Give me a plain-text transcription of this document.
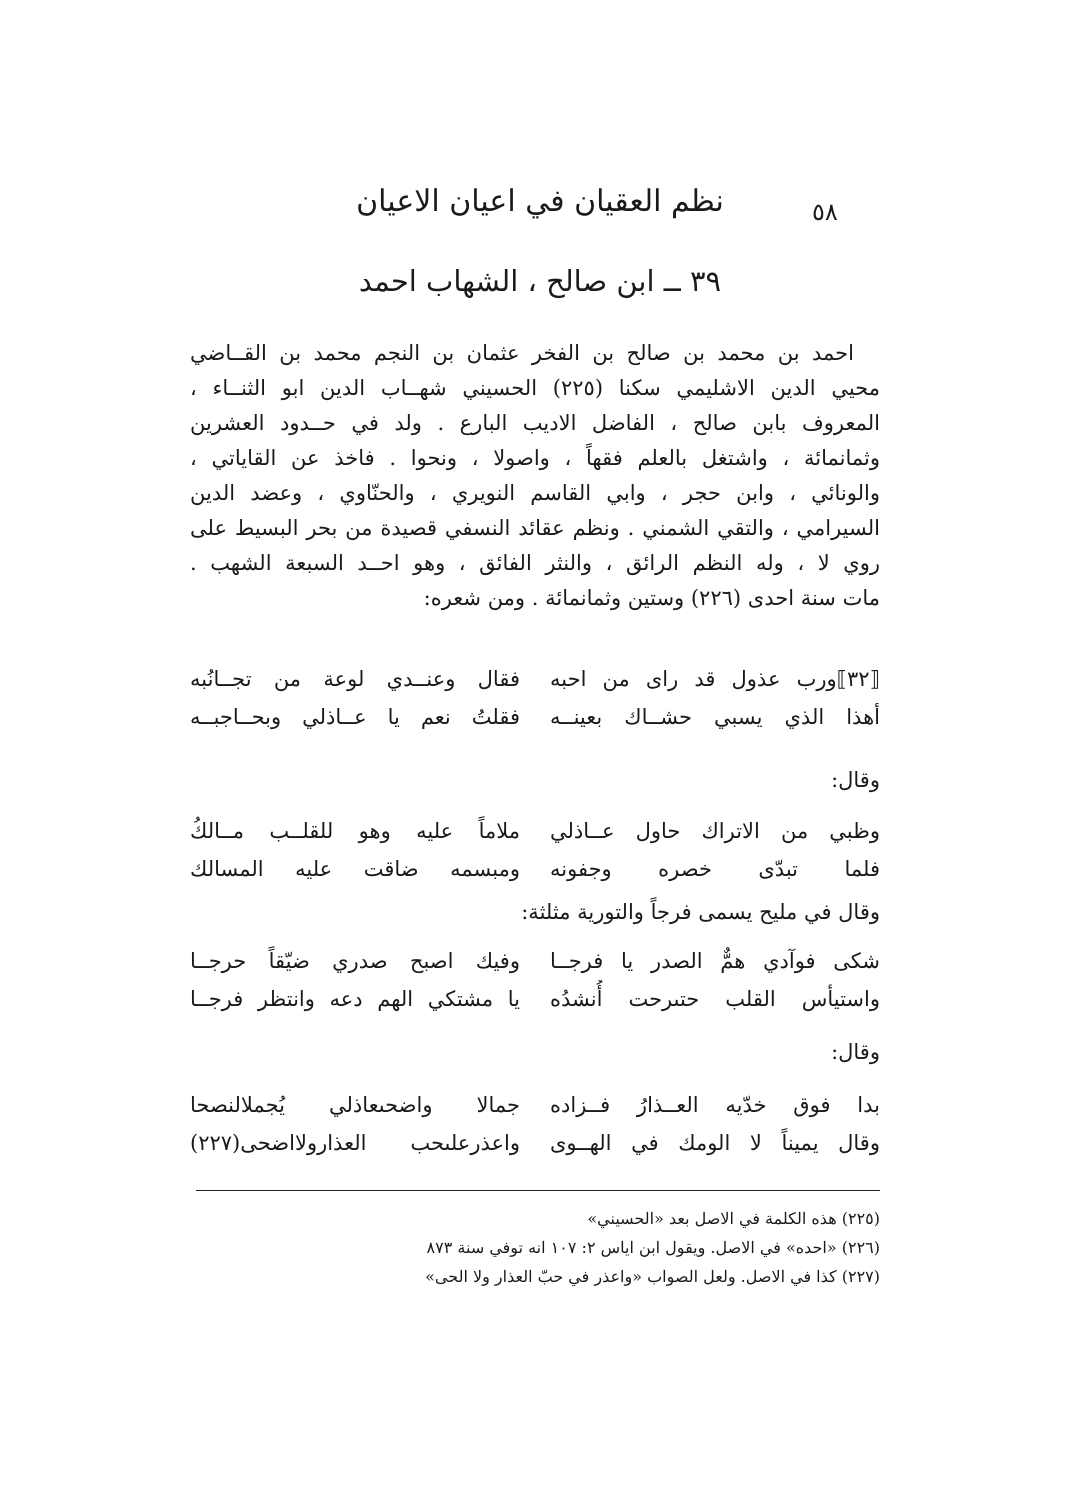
٥٨
نظم العقيان في اعيان الاعيان
٣٩ ــ ابن صالح ، الشهاب احمد
احمد بن محمد بن صالح بن الفخر عثمان بن النجم محمد بن القــاضي
محيي الدين الاشليمي سكنا (٢٢٥) الحسيني شهــاب الدين ابو الثنــاء ،
المعروف بابن صالح ، الفاضل الاديب البارع . ولد في حــدود العشرين
وثمانمائة ، واشتغل بالعلم فقهاً ، واصولا ، ونحوا . فاخذ عن القاياتي ،
والونائي ، وابن حجر ، وابي القاسم النويري ، والحنّاوي ، وعضد الدين
السيرامي ، والتقي الشمني . ونظم عقائد النسفي قصيدة من بحر البسيط على
روي لا ، وله النظم الرائق ، والنثر الفائق ، وهو احــد السبعة الشهب .
مات سنة احدى (٢٢٦) وستين وثمانمائة . ومن شعره:
⟦٣٢⟧ورب عذول قد راى من احبه
فقال وعنــدي لوعة من تجــانُبه
أهذا الذي يسبي حشــاك بعينــه
فقلتُ نعم يا عــاذلي وبحــاجبــه
وقال:
وظبي من الاتراك حاول عــاذلي
ملاماً عليه وهو للقلــب مــالكُ
فلما تبدّى خصره وجفونه
ومبسمه ضاقت عليه المسالك
وقال في مليح يسمى فرجاً والتورية مثلثة:
شكى فوآدي همٌّ الصدر يا فرجــا
وفيك اصبح صدري ضيّقاً حرجــا
واستيأس القلب حتىرحت أُنشدُه
يا مشتكي الهم دعه وانتظر فرجــا
وقال:
بدا فوق خدّيه العــذارُ فــزاده
جمالا واضحىعاذلي يُجملالنصحا
وقال يميناً لا الومك في الهــوى
واعذرعلىحب العذارولااضحى(٢٢٧)
(٢٢٥) هذه الكلمة في الاصل بعد «الحسيني»
(٢٢٦) «احده» في الاصل. ويقول ابن اياس ٢: ١٠٧ انه توفي سنة ٨٧٣
(٢٢٧) كذا في الاصل. ولعل الصواب «واعذر في حبّ العذار ولا الحى»
